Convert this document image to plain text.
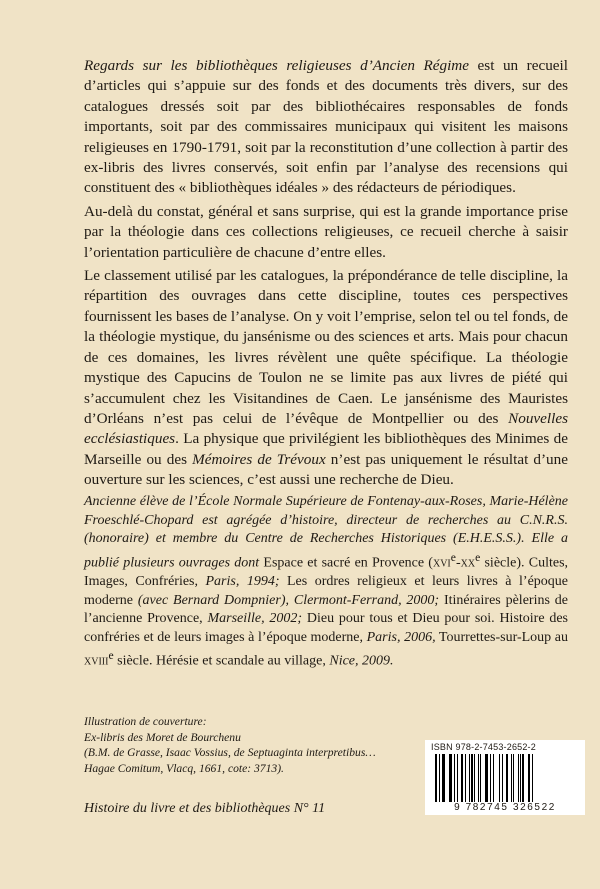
Regards sur les bibliothèques religieuses d’Ancien Régime est un recueil d’articles qui s’appuie sur des fonds et des documents très divers, sur des catalogues dressés soit par des bibliothécaires responsables de fonds importants, soit par des commissaires municipaux qui visitent les maisons religieuses en 1790-1791, soit par la reconstitution d’une collection à partir des ex-libris des livres conservés, soit enfin par l’analyse des recensions qui constituent des « bibliothèques idéales » des rédacteurs de périodiques.

Au-delà du constat, général et sans surprise, qui est la grande importance prise par la théologie dans ces collections religieuses, ce recueil cherche à saisir l’orientation particulière de chacune d’entre elles.

Le classement utilisé par les catalogues, la prépondérance de telle discipline, la répartition des ouvrages dans cette discipline, toutes ces perspectives fournissent les bases de l’analyse. On y voit l’emprise, selon tel ou tel fonds, de la théologie mystique, du jansénisme ou des sciences et arts. Mais pour chacun de ces domaines, les livres révèlent une quête spécifique. La théologie mystique des Capucins de Toulon ne se limite pas aux livres de piété qui s’accumulent chez les Visitandines de Caen. Le jansénisme des Mauristes d’Orléans n’est pas celui de l’évêque de Montpellier ou des Nouvelles ecclésiastiques. La physique que privilégient les bibliothèques des Minimes de Marseille ou des Mémoires de Trévoux n’est pas uniquement le résultat d’une ouverture sur les sciences, c’est aussi une recherche de Dieu.

Ancienne élève de l’École Normale Supérieure de Fontenay-aux-Roses, Marie-Hélène Froeschlé-Chopard est agrégée d’histoire, directeur de recherches au C.N.R.S. (honoraire) et membre du Centre de Recherches Historiques (E.H.E.S.S.). Elle a publié plusieurs ouvrages dont Espace et sacré en Provence ($xvi^e-xx^e$ siècle). Cultes, Images, Confréries, Paris, 1994; Les ordres religieux et leurs livres à l’époque moderne (avec Bernard Dompnier), Clermont-Ferrand, 2000; Itinéraires pèlerins de l’ancienne Provence, Marseille, 2002; Dieu pour tous et Dieu pour soi. Histoire des confréries et de leurs images à l’époque moderne, Paris, 2006, Tourrettes-sur-Loup au xviii$^e$ siècle. Hérésie et scandale au village, Nice, 2009.

Illustration de couverture:
Ex-libris des Moret de Bourchenu
(B.M. de Grasse, Isaac Vossius, de Septuaginta interpretibus…
Hagae Comitum, Vlacq, 1661, cote: 3713).
Histoire du livre et des bibliothèques N° 11
ISBN 978-2-7453-2652-2
9 782745 326522
